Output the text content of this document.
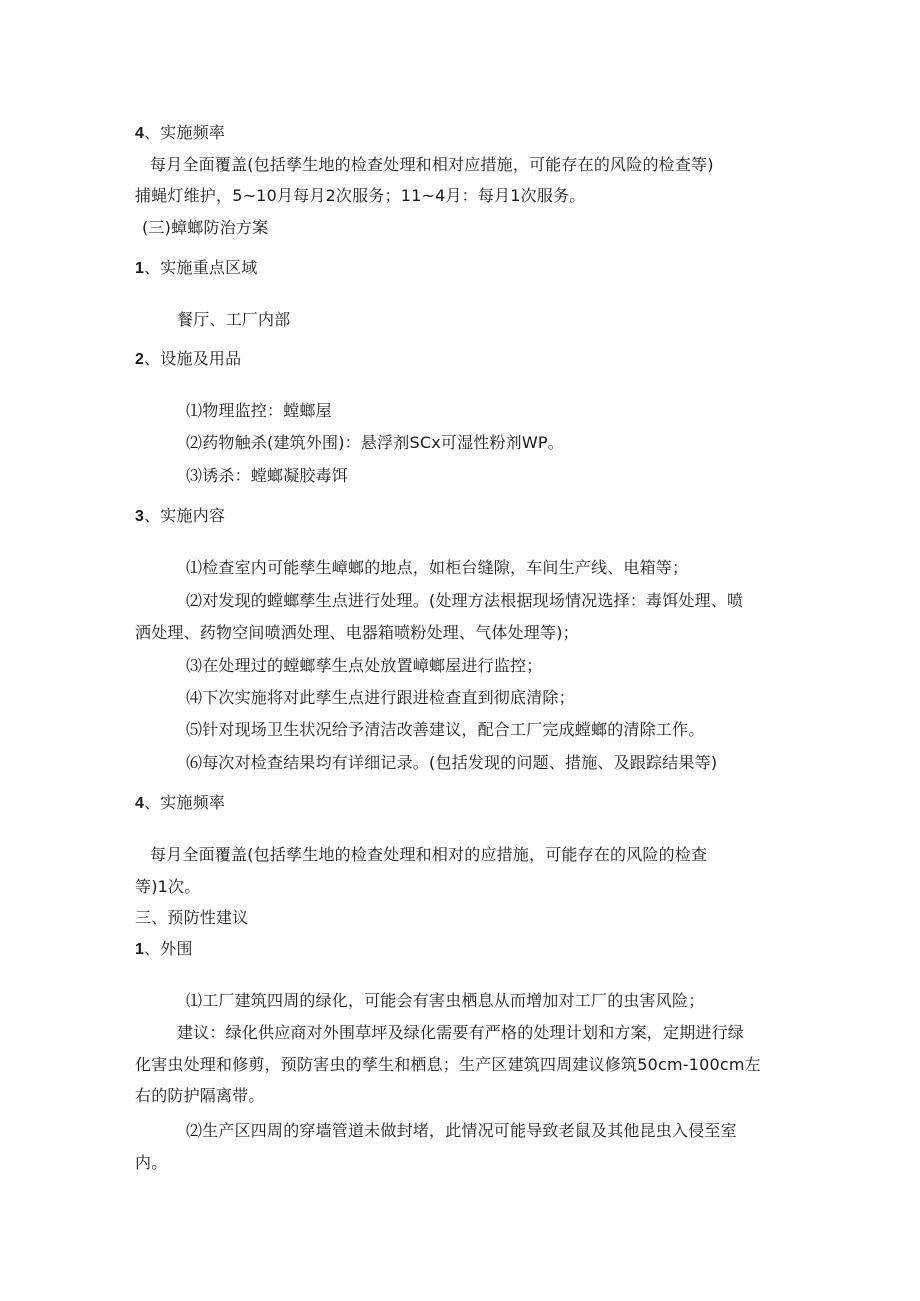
4、实施频率
每月全面覆盖(包括孳生地的检查处理和相对应措施，可能存在的风险的检查等)
捕蝇灯维护，5~10月每月2次服务；11~4月：每月1次服务。
(三)蟑螂防治方案
1、实施重点区域
餐厅、工厂内部
2、设施及用品
⑴物理监控：螳螂屋
⑵药物触杀(建筑外围)：悬浮剂SCx可湿性粉剂WP。
⑶诱杀：螳螂凝胶毒饵
3、实施内容
⑴检查室内可能孳生嶂螂的地点，如柜台缝隙，车间生产线、电箱等；
⑵对发现的螳螂孳生点进行处理。(处理方法根据现场情况选择：毒饵处理、喷
洒处理、药物空间喷洒处理、电器箱喷粉处理、气体处理等)；
⑶在处理过的螳螂孳生点处放置嶂螂屋进行监控；
⑷下次实施将对此孳生点进行跟进检查直到彻底清除；
⑸针对现场卫生状况给予清洁改善建议，配合工厂完成螳螂的清除工作。
⑹每次对检查结果均有详细记录。(包括发现的问题、措施、及跟踪结果等)
4、实施频率
每月全面覆盖(包括孳生地的检查处理和相对的应措施，可能存在的风险的检查
等)1次。
三、预防性建议
1、外围
⑴工厂建筑四周的绿化，可能会有害虫栖息从而增加对工厂的虫害风险；
建议：绿化供应商对外围草坪及绿化需要有严格的处理计划和方案，定期进行绿
化害虫处理和修剪，预防害虫的孳生和栖息；生产区建筑四周建议修筑50cm-100cm左
右的防护隔离带。
⑵生产区四周的穿墙管道未做封堵，此情况可能导致老鼠及其他昆虫入侵至室
内。
